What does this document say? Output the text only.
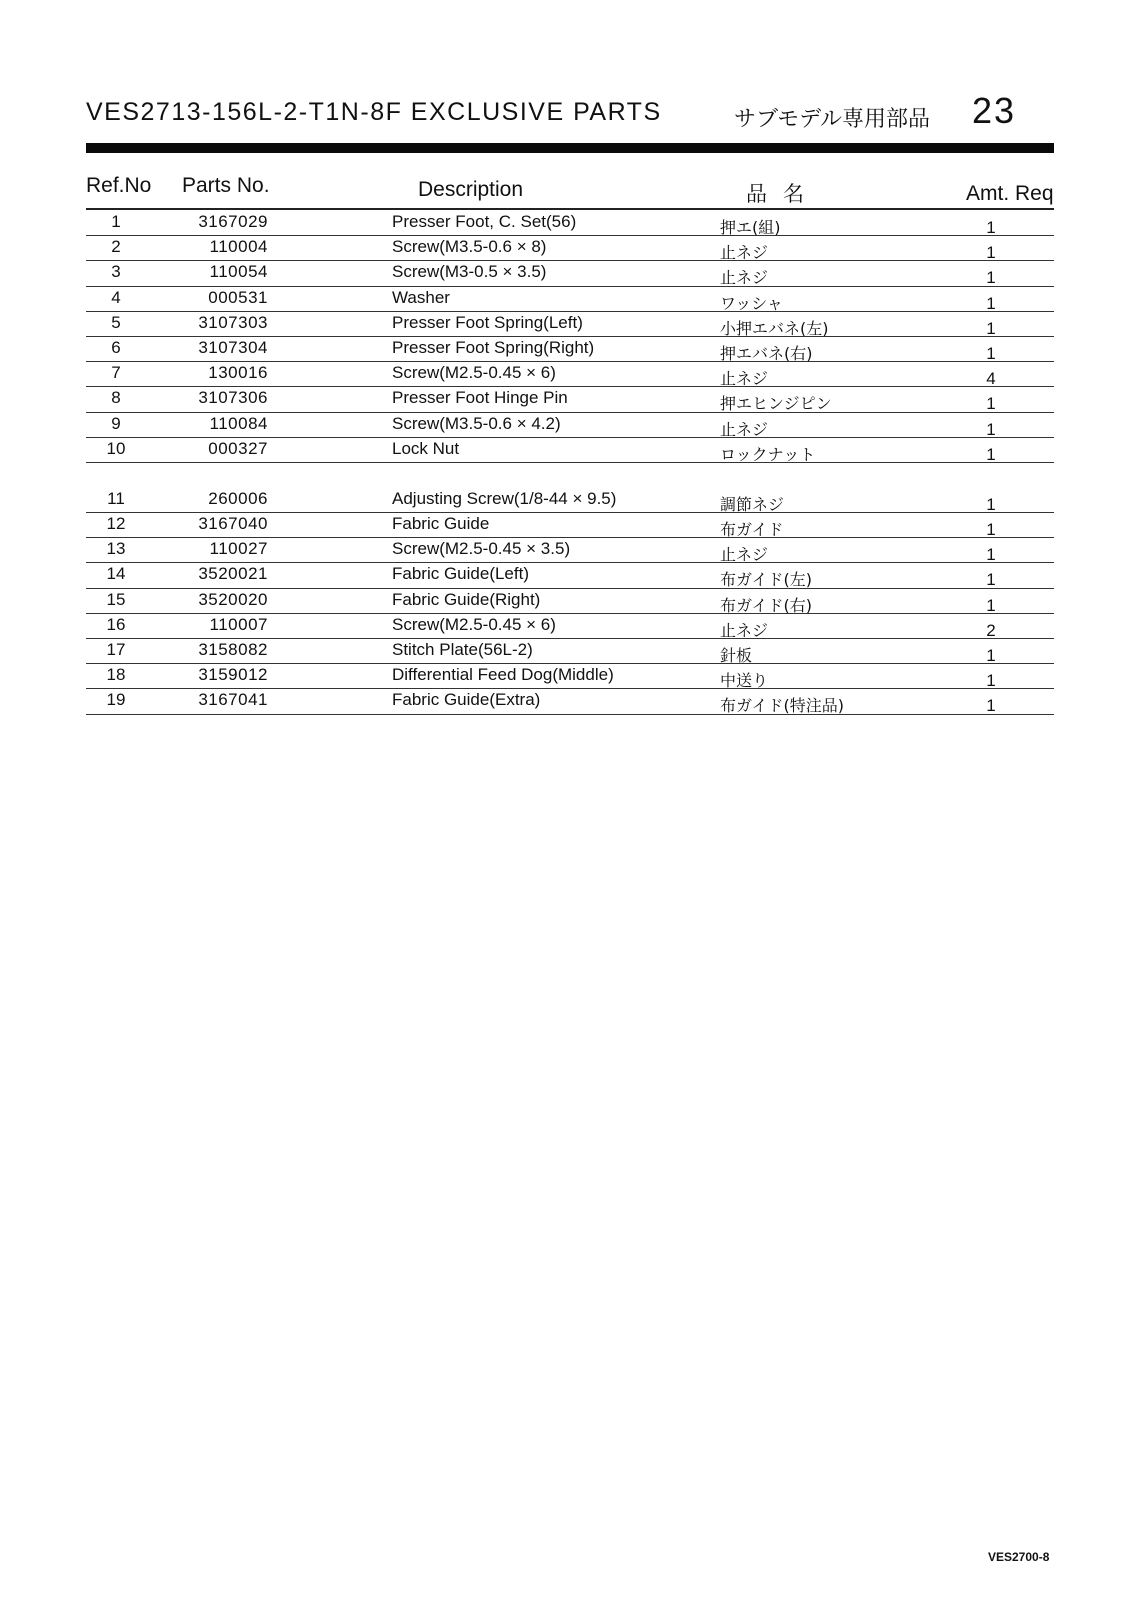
VES2713-156L-2-T1N-8F EXCLUSIVE PARTS	サブモデル専用部品 23
Ref.No Parts No.	Description	品名	Amt. Req
1	3167029	Presser Foot, C. Set(56)	押エ(組)	1
2	110004	Screw(M3.5-0.6 × 8)	止ネジ	1
3	110054	Screw(M3-0.5 × 3.5)	止ネジ	1
4	000531	Washer	ワッシャ	1
5	3107303	Presser Foot Spring(Left)	小押エバネ(左)	1
6	3107304	Presser Foot Spring(Right)	押エバネ(右)	1
7	130016	Screw(M2.5-0.45 × 6)	止ネジ	4
8	3107306	Presser Foot Hinge Pin	押エヒンジピン	1
9	110084	Screw(M3.5-0.6 × 4.2)	止ネジ	1
10	000327	Lock Nut	ロックナット	1
11	260006	Adjusting Screw(1/8-44 × 9.5)	調節ネジ	1
12	3167040	Fabric Guide	布ガイド	1
13	110027	Screw(M2.5-0.45 × 3.5)	止ネジ	1
14	3520021	Fabric Guide(Left)	布ガイド(左)	1
15	3520020	Fabric Guide(Right)	布ガイド(右)	1
16	110007	Screw(M2.5-0.45 × 6)	止ネジ	2
17	3158082	Stitch Plate(56L-2)	針板	1
18	3159012	Differential Feed Dog(Middle)	中送り	1
19	3167041	Fabric Guide(Extra)	布ガイド(特注品)	1
VES2700-8
